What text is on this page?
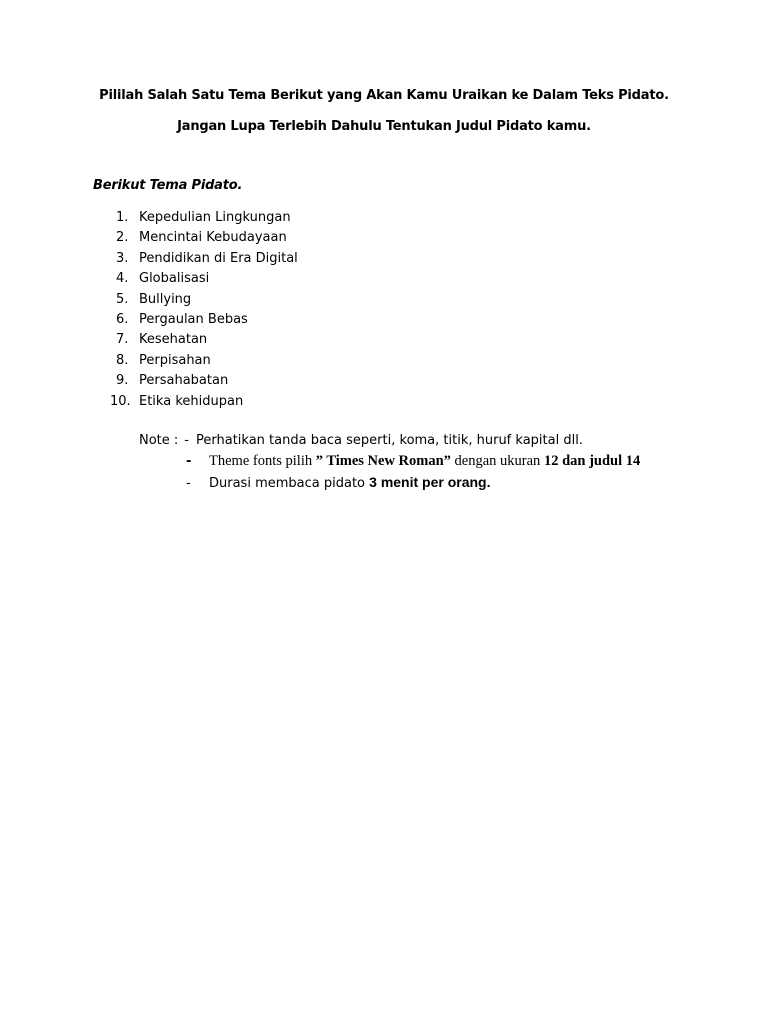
Pililah Salah Satu Tema Berikut yang Akan Kamu Uraikan ke Dalam Teks Pidato.
Jangan Lupa Terlebih Dahulu Tentukan Judul Pidato kamu.
Berikut Tema Pidato.
1. Kepedulian Lingkungan
2. Mencintai Kebudayaan
3. Pendidikan di Era Digital
4. Globalisasi
5. Bullying
6. Pergaulan Bebas
7. Kesehatan
8. Perpisahan
9. Persahabatan
10. Etika kehidupan
Note : - Perhatikan tanda baca seperti, koma, titik, huruf kapital dll.
- Theme fonts pilih ” Times New Roman” dengan ukuran 12 dan judul 14
- Durasi membaca pidato 3 menit per orang.
